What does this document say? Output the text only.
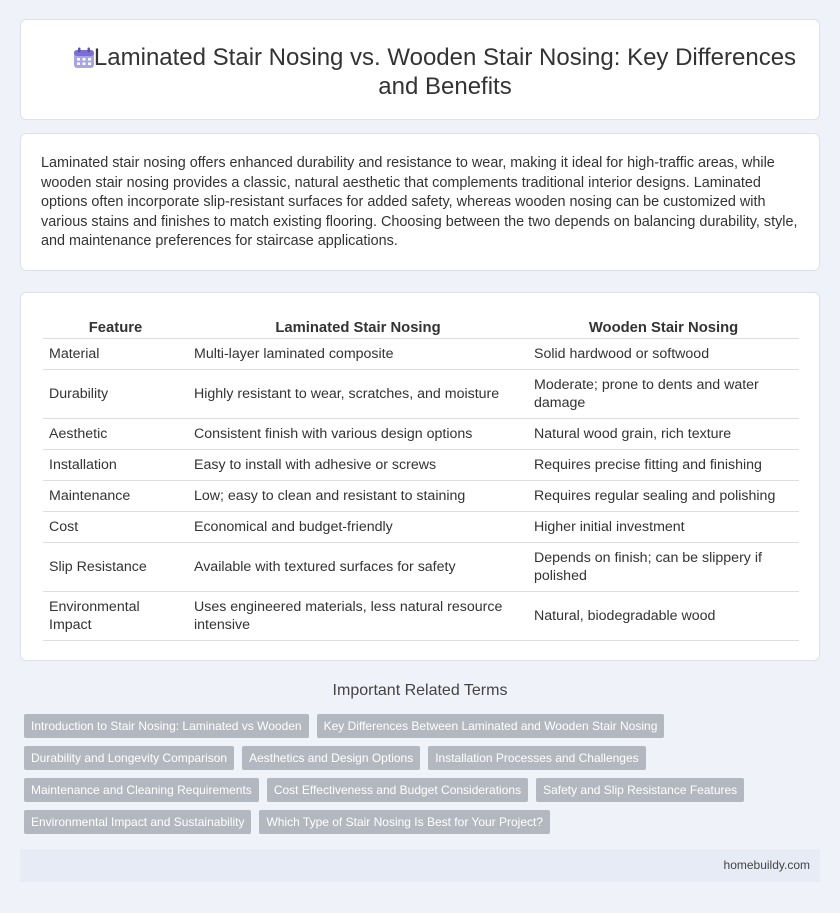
Laminated Stair Nosing vs. Wooden Stair Nosing: Key Differences and Benefits

Laminated stair nosing offers enhanced durability and resistance to wear, making it ideal for high-traffic areas, while wooden stair nosing provides a classic, natural aesthetic that complements traditional interior designs. Laminated options often incorporate slip-resistant surfaces for added safety, whereas wooden nosing can be customized with various stains and finishes to match existing flooring. Choosing between the two depends on balancing durability, style, and maintenance preferences for staircase applications.

Feature	Laminated Stair Nosing	Wooden Stair Nosing
Material	Multi-layer laminated composite	Solid hardwood or softwood
Durability	Highly resistant to wear, scratches, and moisture	Moderate; prone to dents and water damage
Aesthetic	Consistent finish with various design options	Natural wood grain, rich texture
Installation	Easy to install with adhesive or screws	Requires precise fitting and finishing
Maintenance	Low; easy to clean and resistant to staining	Requires regular sealing and polishing
Cost	Economical and budget-friendly	Higher initial investment
Slip Resistance	Available with textured surfaces for safety	Depends on finish; can be slippery if polished
Environmental Impact	Uses engineered materials, less natural resource intensive	Natural, biodegradable wood
Important Related Terms
Introduction to Stair Nosing: Laminated vs Wooden	Key Differences Between Laminated and Wooden Stair Nosing
Durability and Longevity Comparison	Aesthetics and Design Options	Installation Processes and Challenges
Maintenance and Cleaning Requirements	Cost Effectiveness and Budget Considerations	Safety and Slip Resistance Features
Environmental Impact and Sustainability	Which Type of Stair Nosing Is Best for Your Project?
homebuildy.com
